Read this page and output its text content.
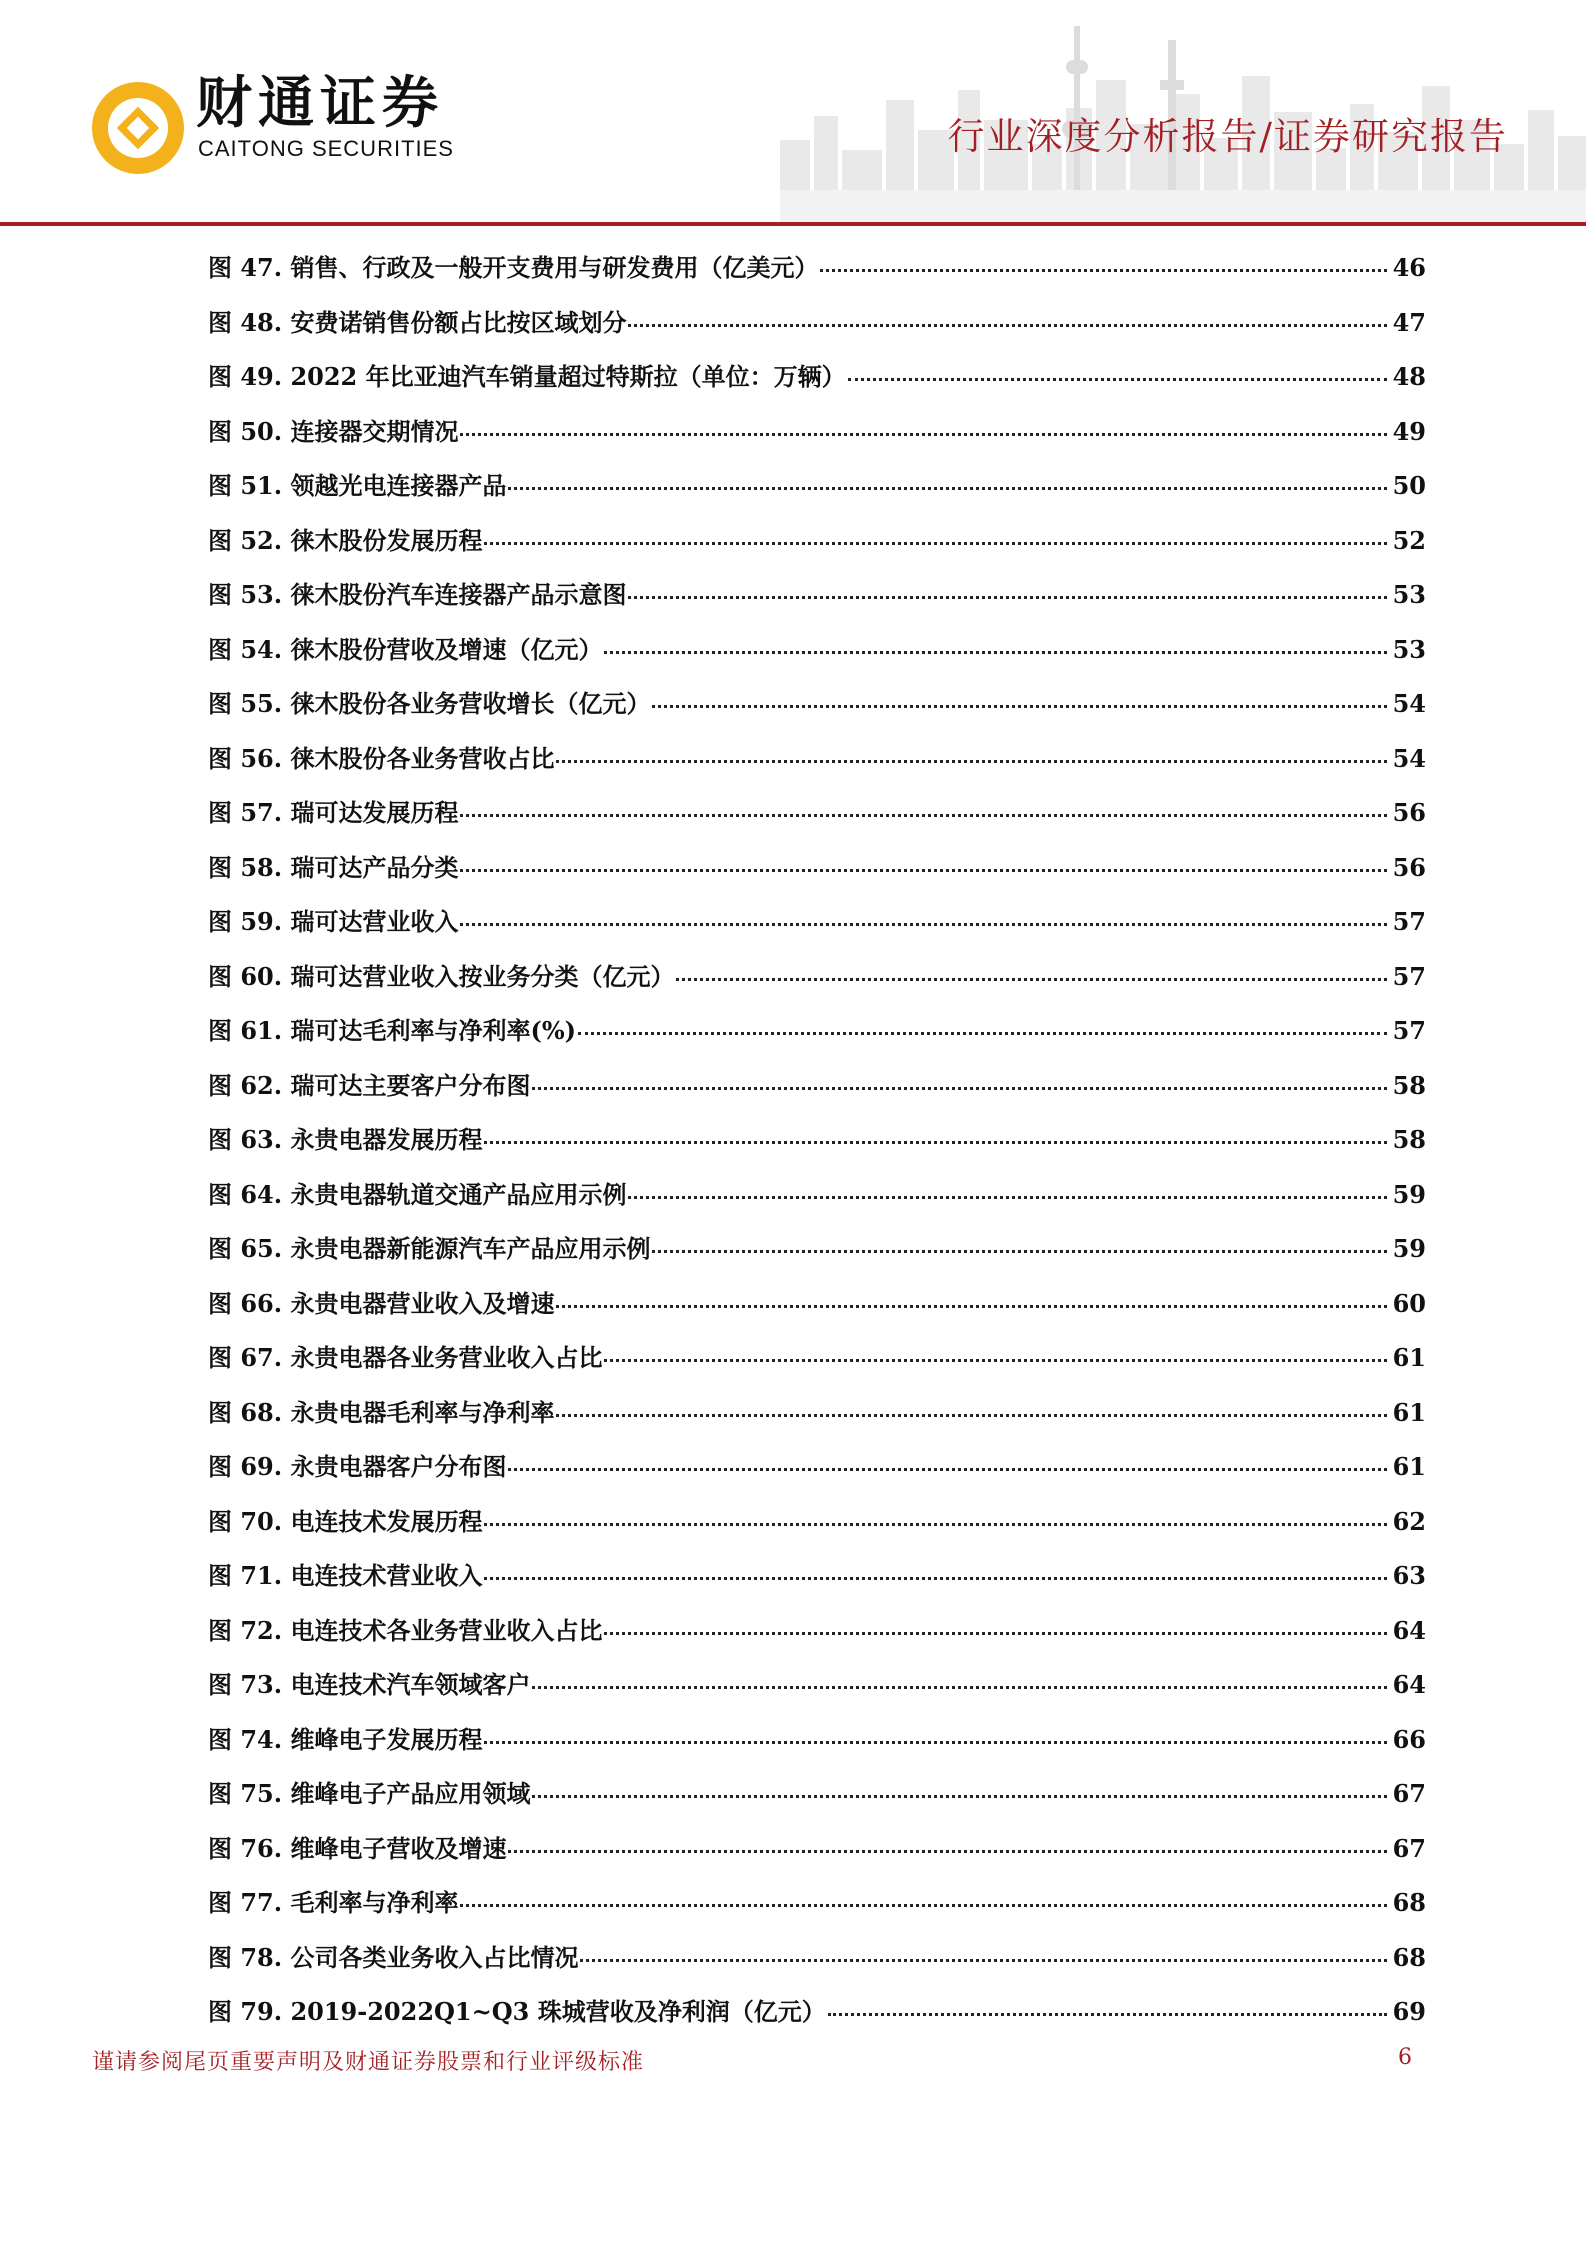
财通证券
CAITONG SECURITIES	行业深度分析报告/证券研究报告
图 47. 销售、行政及一般开支费用与研发费用（亿美元）	46
图 48. 安费诺销售份额占比按区域划分	47
图 49. 2022 年比亚迪汽车销量超过特斯拉（单位：万辆）	48
图 50. 连接器交期情况	49
图 51. 领越光电连接器产品	50
图 52. 徕木股份发展历程	52
图 53. 徕木股份汽车连接器产品示意图	53
图 54. 徕木股份营收及增速（亿元）	53
图 55. 徕木股份各业务营收增长（亿元）	54
图 56. 徕木股份各业务营收占比	54
图 57. 瑞可达发展历程	56
图 58. 瑞可达产品分类	56
图 59. 瑞可达营业收入	57
图 60. 瑞可达营业收入按业务分类（亿元）	57
图 61. 瑞可达毛利率与净利率(%)	57
图 62. 瑞可达主要客户分布图	58
图 63. 永贵电器发展历程	58
图 64. 永贵电器轨道交通产品应用示例	59
图 65. 永贵电器新能源汽车产品应用示例	59
图 66. 永贵电器营业收入及增速	60
图 67. 永贵电器各业务营业收入占比	61
图 68. 永贵电器毛利率与净利率	61
图 69. 永贵电器客户分布图	61
图 70. 电连技术发展历程	62
图 71. 电连技术营业收入	63
图 72. 电连技术各业务营业收入占比	64
图 73. 电连技术汽车领域客户	64
图 74. 维峰电子发展历程	66
图 75. 维峰电子产品应用领域	67
图 76. 维峰电子营收及增速	67
图 77. 毛利率与净利率	68
图 78. 公司各类业务收入占比情况	68
图 79. 2019-2022Q1~Q3 珠城营收及净利润（亿元）	69
谨请参阅尾页重要声明及财通证券股票和行业评级标准	6
